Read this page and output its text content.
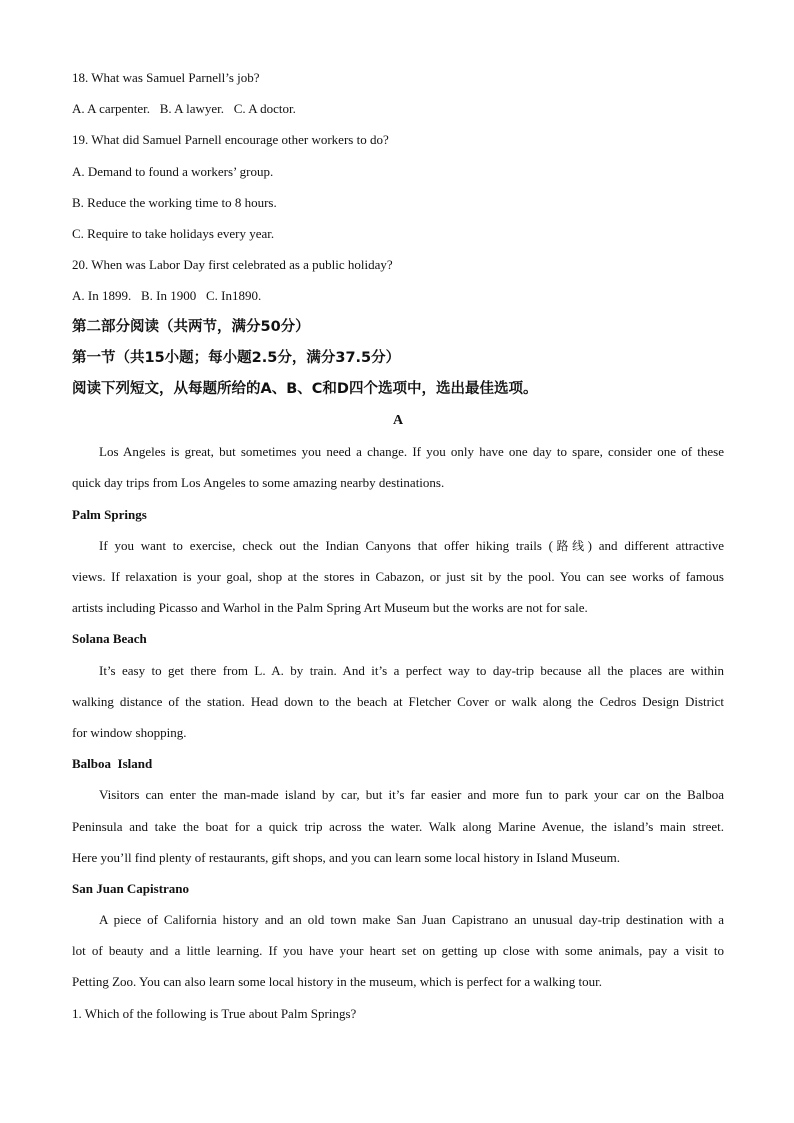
18. What was Samuel Parnell’s job?
A. A carpenter.   B. A lawyer.   C. A doctor.
19. What did Samuel Parnell encourage other workers to do?
A. Demand to found a workers’ group.
B. Reduce the working time to 8 hours.
C. Require to take holidays every year.
20. When was Labor Day first celebrated as a public holiday?
A. In 1899.   B. In 1900   C. In1890.
第二部分阅读（共两节，满分50分）
第一节（共15小题；每小题2.5分，满分37.5分）
阅读下列短文，从每题所给的A、B、C和D四个选项中，选出最佳选项。
A
Los Angeles is great, but sometimes you need a change. If you only have one day to spare, consider one of these
quick day trips from Los Angeles to some amazing nearby destinations.
Palm Springs
If you want to exercise, check out the Indian Canyons that offer hiking trails (路线) and different attractive
views. If relaxation is your goal, shop at the stores in Cabazon, or just sit by the pool. You can see works of famous
artists including Picasso and Warhol in the Palm Spring Art Museum but the works are not for sale.
Solana Beach
It’s easy to get there from L. A. by train. And it’s a perfect way to day-trip because all the places are within
walking distance of the station. Head down to the beach at Fletcher Cover or walk along the Cedros Design District
for window shopping.
Balboa  Island
Visitors can enter the man-made island by car, but it’s far easier and more fun to park your car on the Balboa
Peninsula and take the boat for a quick trip across the water. Walk along Marine Avenue, the island’s main street.
Here you’ll find plenty of restaurants, gift shops, and you can learn some local history in Island Museum.
San Juan Capistrano
A piece of California history and an old town make San Juan Capistrano an unusual day-trip destination with a
lot of beauty and a little learning. If you have your heart set on getting up close with some animals, pay a visit to
Petting Zoo. You can also learn some local history in the museum, which is perfect for a walking tour.
1. Which of the following is True about Palm Springs?
